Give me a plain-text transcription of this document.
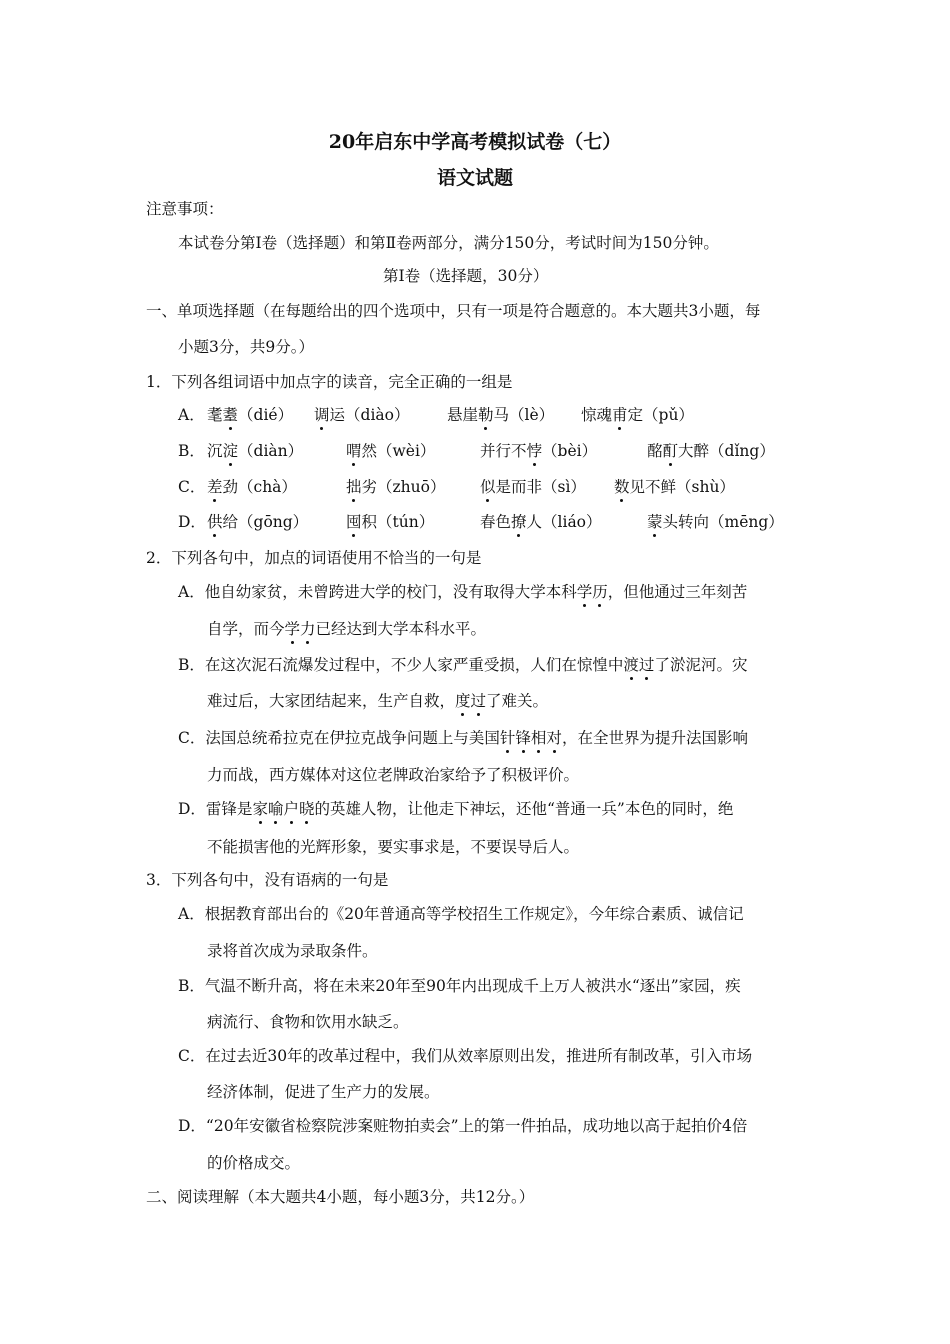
20年启东中学高考模拟试卷（七）
语文试题
注意事项：
本试卷分第Ⅰ卷（选择题）和第Ⅱ卷两部分，满分150分，考试时间为150分钟。
第Ⅰ卷（选择题，30分）
一、单项选择题（在每题给出的四个选项中，只有一项是符合题意的。本大题共3小题，每
小题3分，共9分。）
1．下列各组词语中加点字的读音，完全正确的一组是
A． 耄耋（dié） 调运（diào） 悬崖勒马（lè） 惊魂甫定（pǔ）
B． 沉淀（diàn）	喟然（wèi）	并行不悖（bèi）	酩酊大醉（dǐng）
C． 差劲（chà）	拙劣（zhuō） 似是而非（sì） 数见不鲜（shù）
D． 供给（gōng） 囤积（tún）	春色撩人（liáo）	蒙头转向（mēng）
2．下列各句中，加点的词语使用不恰当的一句是
A．他自幼家贫，未曾跨进大学的校门，没有取得大学本科学历，但他通过三年刻苦
自学，而今学力已经达到大学本科水平。
B．在这次泥石流爆发过程中，不少人家严重受损，人们在惊惶中渡过了淤泥河。灾
难过后，大家团结起来，生产自救，度过了难关。
C．法国总统希拉克在伊拉克战争问题上与美国针锋相对，在全世界为提升法国影响
力而战，西方媒体对这位老牌政治家给予了积极评价。
D．雷锋是家喻户晓的英雄人物，让他走下神坛，还他“普通一兵”本色的同时，绝
不能损害他的光辉形象，要实事求是，不要误导后人。
3．下列各句中，没有语病的一句是
A．根据教育部出台的《20年普通高等学校招生工作规定》，今年综合素质、诚信记
录将首次成为录取条件。
B．气温不断升高，将在未来20年至90年内出现成千上万人被洪水“逐出”家园，疾
病流行、食物和饮用水缺乏。
C．在过去近30年的改革过程中，我们从效率原则出发，推进所有制改革，引入市场
经济体制，促进了生产力的发展。
D．“20年安徽省检察院涉案赃物拍卖会”上的第一件拍品，成功地以高于起拍价4倍
的价格成交。
二、阅读理解（本大题共4小题，每小题3分，共12分。）
